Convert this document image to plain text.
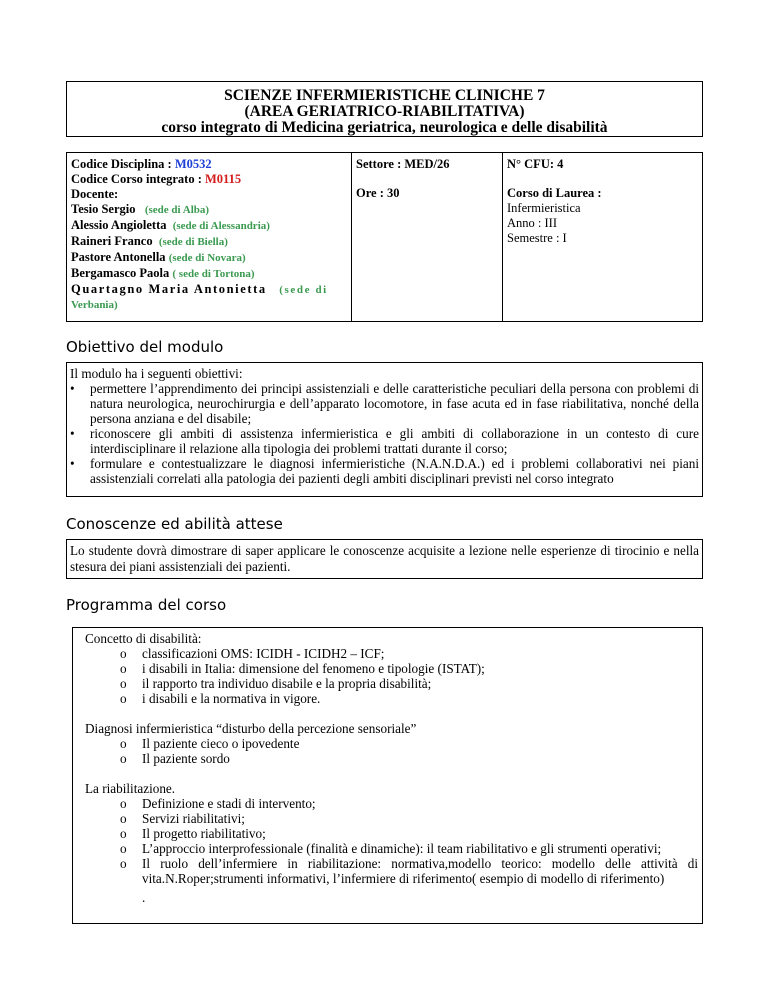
SCIENZE INFERMIERISTICHE CLINICHE 7
(AREA GERIATRICO-RIABILITATIVA)
corso integrato di Medicina geriatrica, neurologica e delle disabilità
Codice Disciplina : M0532
Codice Corso integrato : M0115
Docente:
Tesio Sergio (sede di Alba)
Alessio Angioletta (sede di Alessandria)
Raineri Franco (sede di Biella)
Pastore Antonella (sede di Novara)
Bergamasco Paola ( sede di Tortona)
Quartagno Maria Antonietta (sede di
Verbania)

Settore : MED/26
Ore : 30

N° CFU: 4
Corso di Laurea :
Infermieristica
Anno : III
Semestre : I
Obiettivo del modulo
Il modulo ha i seguenti obiettivi:
• permettere l’apprendimento dei principi assistenziali e delle caratteristiche peculiari della persona con problemi di natura neurologica, neurochirurgia e dell’apparato locomotore, in fase acuta ed in fase riabilitativa, nonché della persona anziana e del disabile;
• riconoscere gli ambiti di assistenza infermieristica e gli ambiti di collaborazione in un contesto di cure interdisciplinare il relazione alla tipologia dei problemi trattati durante il corso;
• formulare e contestualizzare le diagnosi infermieristiche (N.A.N.D.A.) ed i problemi collaborativi nei piani assistenziali correlati alla patologia dei pazienti degli ambiti disciplinari previsti nel corso integrato
Conoscenze ed abilità attese
Lo studente dovrà dimostrare di saper applicare le conoscenze acquisite a lezione nelle esperienze di tirocinio e nella stesura dei piani assistenziali dei pazienti.
Programma del corso
Concetto di disabilità:
o classificazioni OMS: ICIDH - ICIDH2 – ICF;
o i disabili in Italia: dimensione del fenomeno e tipologie (ISTAT);
o il rapporto tra individuo disabile e la propria disabilità;
o i disabili e la normativa in vigore.
Diagnosi infermieristica “disturbo della percezione sensoriale”
o Il paziente cieco o ipovedente
o Il paziente sordo
La riabilitazione.
o Definizione e stadi di intervento;
o Servizi riabilitativi;
o Il progetto riabilitativo;
o L’approccio interprofessionale (finalità e dinamiche): il team riabilitativo e gli strumenti operativi;
o Il ruolo dell’infermiere in riabilitazione: normativa,modello teorico: modello delle attività di vita.N.Roper;strumenti informativi, l’infermiere di riferimento( esempio di modello di riferimento)
.
